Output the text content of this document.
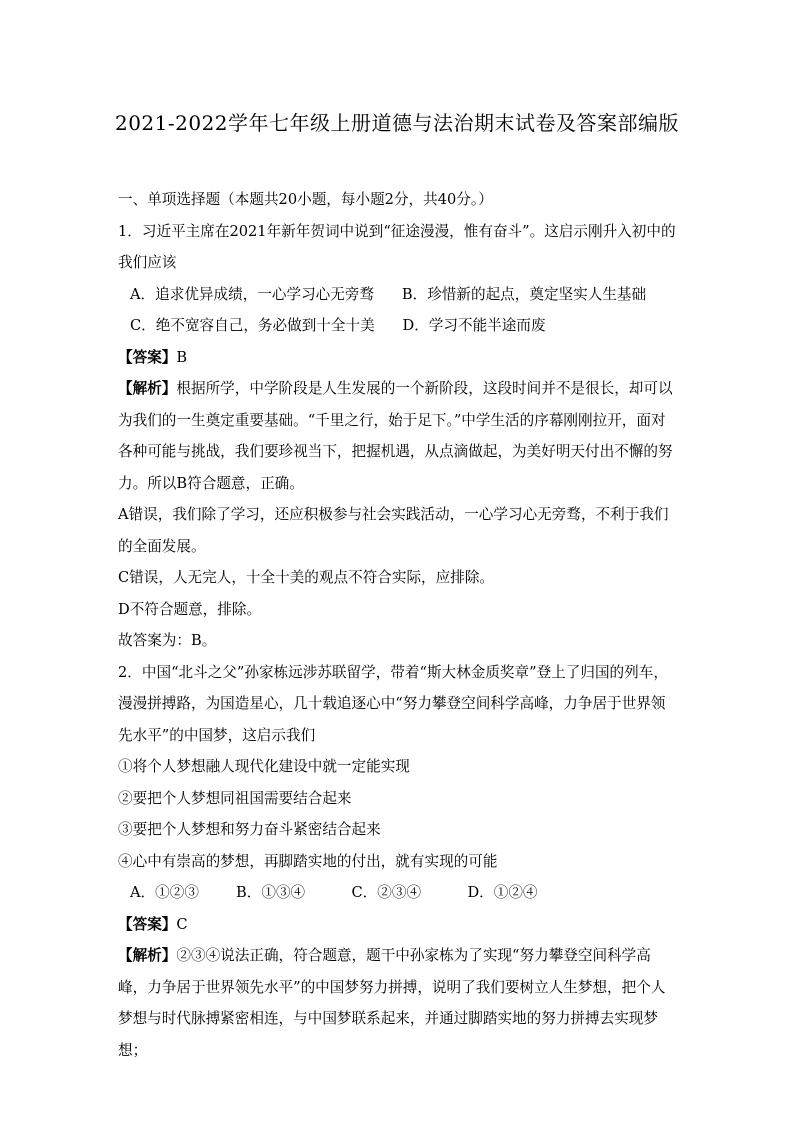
2021-2022学年七年级上册道德与法治期末试卷及答案部编版

一、单项选择题（本题共20小题，每小题2分，共40分。）

1．习近平主席在2021年新年贺词中说到“征途漫漫，惟有奋斗”。这启示刚升入初中的我们应该

A．追求优异成绩，一心学习心无旁骛      B．珍惜新的起点，奠定坚实人生基础

C．绝不宽容自己，务必做到十全十美      D．学习不能半途而废

【答案】B

【解析】根据所学，中学阶段是人生发展的一个新阶段，这段时间并不是很长，却可以为我们的一生奠定重要基础。“千里之行，始于足下。”中学生活的序幕刚刚拉开，面对各种可能与挑战，我们要珍视当下，把握机遇，从点滴做起，为美好明天付出不懈的努力。所以B符合题意，正确。

A错误，我们除了学习，还应积极参与社会实践活动，一心学习心无旁骛，不利于我们的全面发展。

C错误，人无完人，十全十美的观点不符合实际，应排除。

D不符合题意，排除。

故答案为：B。

2．中国“北斗之父”孙家栋远涉苏联留学，带着“斯大林金质奖章”登上了归国的列车，漫漫拼搏路，为国造星心，几十载追逐心中“努力攀登空间科学高峰，力争居于世界领先水平”的中国梦，这启示我们

①将个人梦想融人现代化建设中就一定能实现

②要把个人梦想同祖国需要结合起来

③要把个人梦想和努力奋斗紧密结合起来

④心中有崇高的梦想，再脚踏实地的付出，就有实现的可能

A．①②③        B．①③④          C．②③④          D．①②④

【答案】C

【解析】②③④说法正确，符合题意，题干中孙家栋为了实现“努力攀登空间科学高峰，力争居于世界领先水平”的中国梦努力拼搏，说明了我们要树立人生梦想，把个人梦想与时代脉搏紧密相连，与中国梦联系起来，并通过脚踏实地的努力拼搏去实现梦想；
